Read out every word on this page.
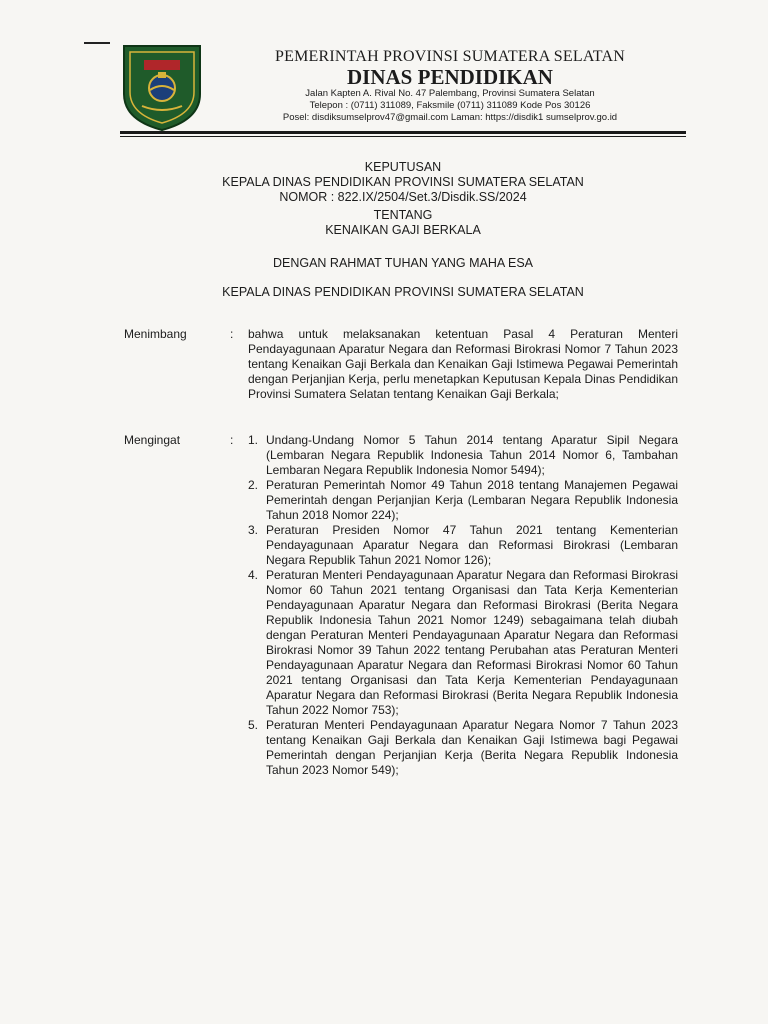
PEMERINTAH PROVINSI SUMATERA SELATAN
DINAS PENDIDIKAN
Jalan Kapten A. Rival No. 47 Palembang, Provinsi Sumatera Selatan
Telepon : (0711) 311089, Faksmile (0711) 311089 Kode Pos 30126
Posel: disdiksumselprov47@gmail.com Laman: https://disdik1 sumselprov.go.id
KEPUTUSAN
KEPALA DINAS PENDIDIKAN PROVINSI SUMATERA SELATAN
NOMOR : 822.IX/2504/Set.3/Disdik.SS/2024
TENTANG
KENAIKAN GAJI BERKALA
DENGAN RAHMAT TUHAN YANG MAHA ESA
KEPALA DINAS PENDIDIKAN PROVINSI SUMATERA SELATAN
Menimbang	: bahwa untuk melaksanakan ketentuan Pasal 4 Peraturan Menteri Pendayagunaan Aparatur Negara dan Reformasi Birokrasi Nomor 7 Tahun 2023 tentang Kenaikan Gaji Berkala dan Kenaikan Gaji Istimewa Pegawai Pemerintah dengan Perjanjian Kerja, perlu menetapkan Keputusan Kepala Dinas Pendidikan Provinsi Sumatera Selatan tentang Kenaikan Gaji Berkala;
Mengingat	: 1. Undang-Undang Nomor 5 Tahun 2014 tentang Aparatur Sipil Negara (Lembaran Negara Republik Indonesia Tahun 2014 Nomor 6, Tambahan Lembaran Negara Republik Indonesia Nomor 5494);
2. Peraturan Pemerintah Nomor 49 Tahun 2018 tentang Manajemen Pegawai Pemerintah dengan Perjanjian Kerja (Lembaran Negara Republik Indonesia Tahun 2018 Nomor 224);
3. Peraturan Presiden Nomor 47 Tahun 2021 tentang Kementerian Pendayagunaan Aparatur Negara dan Reformasi Birokrasi (Lembaran Negara Republik Tahun 2021 Nomor 126);
4. Peraturan Menteri Pendayagunaan Aparatur Negara dan Reformasi Birokrasi Nomor 60 Tahun 2021 tentang Organisasi dan Tata Kerja Kementerian Pendayagunaan Aparatur Negara dan Reformasi Birokrasi (Berita Negara Republik Indonesia Tahun 2021 Nomor 1249) sebagaimana telah diubah dengan Peraturan Menteri Pendayagunaan Aparatur Negara dan Reformasi Birokrasi Nomor 39 Tahun 2022 tentang Perubahan atas Peraturan Menteri Pendayagunaan Aparatur Negara dan Reformasi Birokrasi Nomor 60 Tahun 2021 tentang Organisasi dan Tata Kerja Kementerian Pendayagunaan Aparatur Negara dan Reformasi Birokrasi (Berita Negara Republik Indonesia Tahun 2022 Nomor 753);
5. Peraturan Menteri Pendayagunaan Aparatur Negara Nomor 7 Tahun 2023 tentang Kenaikan Gaji Berkala dan Kenaikan Gaji Istimewa bagi Pegawai Pemerintah dengan Perjanjian Kerja (Berita Negara Republik Indonesia Tahun 2023 Nomor 549);
